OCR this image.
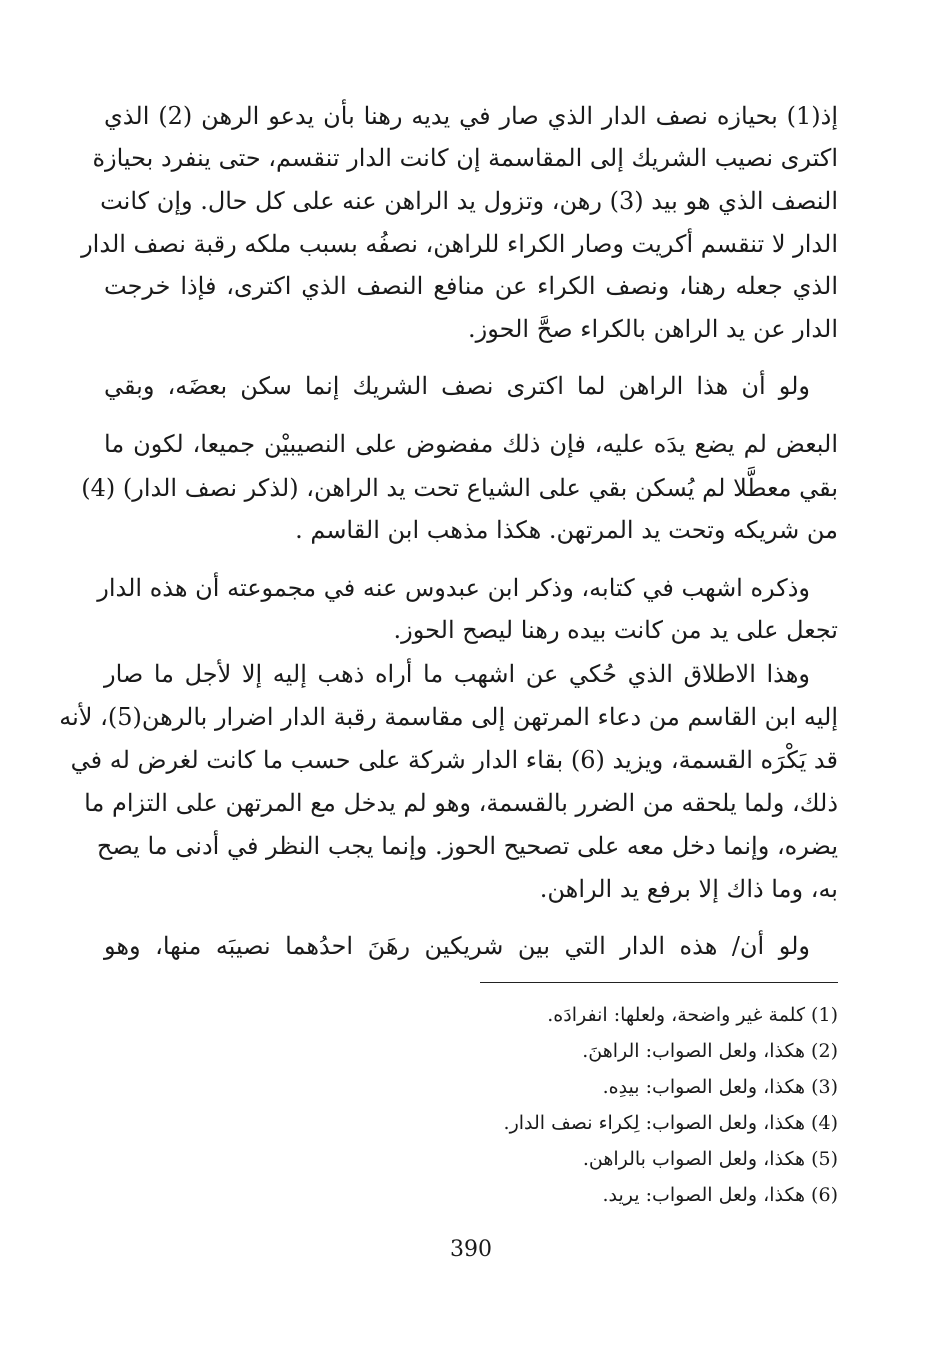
إذ(1) بحيازه نصف الدار الذي صار في يديه رهنا بأن يدعو الرهن (2) الذي
اكترى نصيب الشريك إلى المقاسمة إن كانت الدار تنقسم، حتى ينفرد بحيازة
النصف الذي هو بيد (3) رهن، وتزول يد الراهن عنه على كل حال. وإن كانت
الدار لا تنقسم أكريت وصار الكراء للراهن، نصفُه بسبب ملكه رقبة نصف الدار
الذي جعله رهنا، ونصف الكراء عن منافع النصف الذي اكترى، فإذا خرجت
الدار عن يد الراهن بالكراء صحَّ الحوز.
ولو أن هذا الراهن لما اكترى نصف الشريك إنما سكن بعضَه، وبقي
البعض لم يضع يدَه عليه، فإن ذلك مفضوض على النصيبيْن جميعا، لكون ما
بقي معطَّلا لم يُسكن بقي على الشياع تحت يد الراهن، (لذكر نصف الدار) (4)
من شريكه وتحت يد المرتهن. هكذا مذهب ابن القاسم .
وذكره اشهب في كتابه، وذكر ابن عبدوس عنه في مجموعته أن هذه الدار
تجعل على يد من كانت بيده رهنا ليصح الحوز.
وهذا الاطلاق الذي حُكي عن اشهب ما أراه ذهب إليه إلا لأجل ما صار
إليه ابن القاسم من دعاء المرتهن إلى مقاسمة رقبة الدار اضرار بالرهن(5)، لأنه
قد يَكْرَه القسمة، ويزيد (6) بقاء الدار شركة على حسب ما كانت لغرض له في
ذلك، ولما يلحقه من الضرر بالقسمة، وهو لم يدخل مع المرتهن على التزام ما
يضره، وإنما دخل معه على تصحيح الحوز. وإنما يجب النظر في أدنى ما يصح
به، وما ذاك إلا برفع يد الراهن.
ولو أن/ هذه الدار التي بين شريكين رهَنَ احدُهما نصيبَه منها، وهو
(1) كلمة غير واضحة، ولعلها: انفرادَه.
(2) هكذا، ولعل الصواب: الراهنَ.
(3) هكذا، ولعل الصواب: بيدِه.
(4) هكذا، ولعل الصواب: لِكراء نصف الدار.
(5) هكذا، ولعل الصواب بالراهن.
(6) هكذا، ولعل الصواب: يريد.
390
